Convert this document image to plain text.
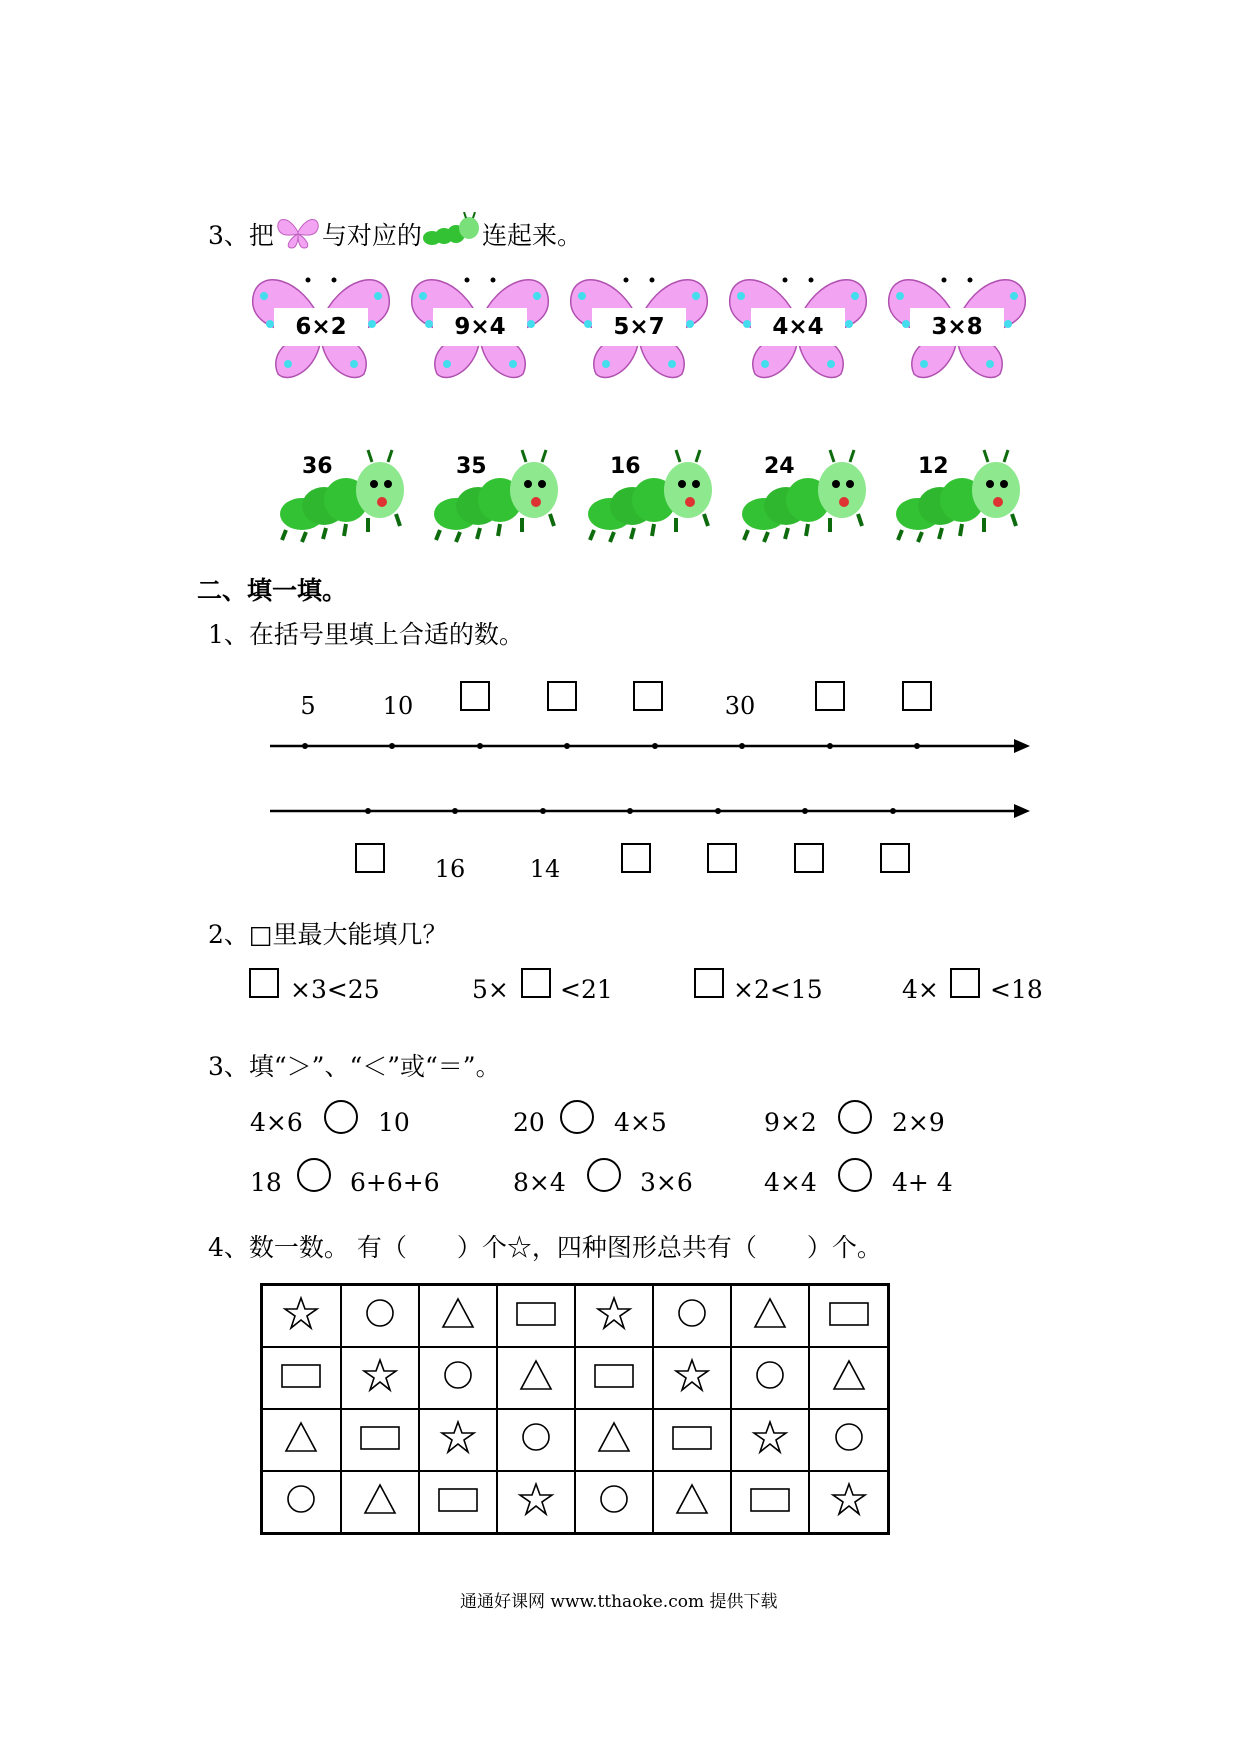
3、把 与对应的 连起来。
6×2	9×4	5×7	4×4	3×8
36	35	16	24	12
二、填一填。
1、在括号里填上合适的数。
5	10	30
16	14
2、□里最大能填几？
×3<25	5× <21	×2<15	4× <18
3、填“＞”、“＜”或“＝”。
4×6	10	20	4×5	9×2	2×9
18	6+6+6	8×4	3×6	4×4	4+ 4
4、数一数。 有（　　）个☆，四种图形总共有（　　）个。

通通好课网 www.tthaoke.com 提供下载
